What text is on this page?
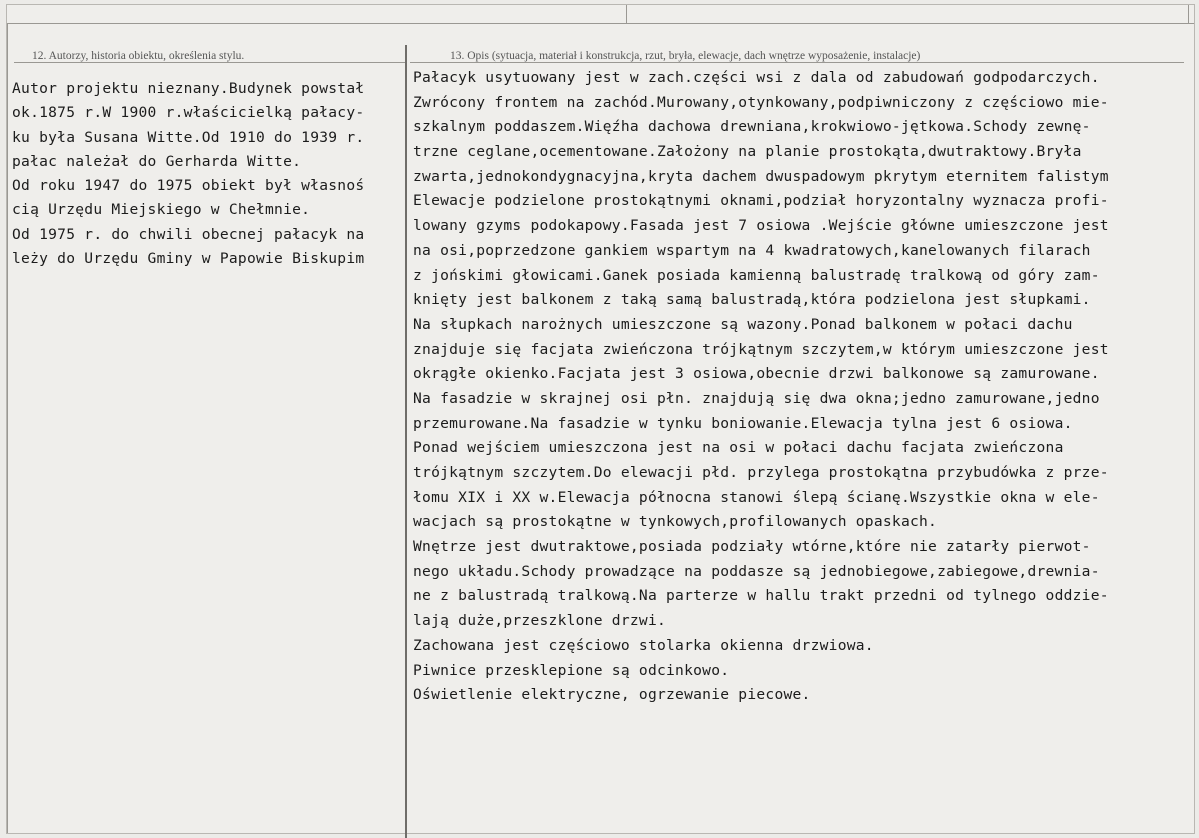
12. Autorzy, historia obiektu, określenia stylu.	13. Opis (sytuacja, materiał i konstrukcja, rzut, bryła, elewacje, dach wnętrze wyposażenie, instalacje)
Autor projektu nieznany.Budynek powstał
ok.1875 r.W 1900 r.właścicielką pałacy-
ku była Susana Witte.Od 1910 do 1939 r.
pałac należał do Gerharda Witte.
Od roku 1947 do 1975 obiekt był własnoś
cią Urzędu Miejskiego w Chełmnie.
Od 1975 r. do chwili obecnej pałacyk na
leży do Urzędu Gminy w Papowie Biskupim
Pałacyk usytuowany jest w zach.części wsi z dala od zabudowań godpodarczych.
Zwrócony frontem na zachód.Murowany,otynkowany,podpiwniczony z częściowo mie-
szkalnym poddaszem.Więźha dachowa drewniana,krokwiowo-jętkowa.Schody zewnę-
trzne ceglane,ocementowane.Założony na planie prostokąta,dwutraktowy.Bryła
zwarta,jednokondygnacyjna,kryta dachem dwuspadowym pkrytym eternitem falistym
Elewacje podzielone prostokątnymi oknami,podział horyzontalny wyznacza profi-
lowany gzyms podokapowy.Fasada jest 7 osiowa .Wejście główne umieszczone jest
na osi,poprzedzone gankiem wspartym na 4 kwadratowych,kanelowanych filarach
z jońskimi głowicami.Ganek posiada kamienną balustradę tralkową od góry zam-
knięty jest balkonem z taką samą balustradą,która podzielona jest słupkami.
Na słupkach narożnych umieszczone są wazony.Ponad balkonem w połaci dachu
znajduje się facjata zwieńczona trójkątnym szczytem,w którym umieszczone jest
okrągłe okienko.Facjata jest 3 osiowa,obecnie drzwi balkonowe są zamurowane.
Na fasadzie w skrajnej osi płn. znajdują się dwa okna;jedno zamurowane,jedno
przemurowane.Na fasadzie w tynku boniowanie.Elewacja tylna jest 6 osiowa.
Ponad wejściem umieszczona jest na osi w połaci dachu facjata zwieńczona
trójkątnym szczytem.Do elewacji płd. przylega prostokątna przybudówka z prze-
łomu XIX i XX w.Elewacja północna stanowi ślepą ścianę.Wszystkie okna w ele-
wacjach są prostokątne w tynkowych,profilowanych opaskach.
Wnętrze jest dwutraktowe,posiada podziały wtórne,które nie zatarły pierwot-
nego układu.Schody prowadzące na poddasze są jednobiegowe,zabiegowe,drewnia-
ne z balustradą tralkową.Na parterze w hallu trakt przedni od tylnego oddzie-
lają duże,przeszklone drzwi.
Zachowana jest częściowo stolarka okienna drzwiowa.
Piwnice przesklepione są odcinkowo.
Oświetlenie elektryczne, ogrzewanie piecowe.
